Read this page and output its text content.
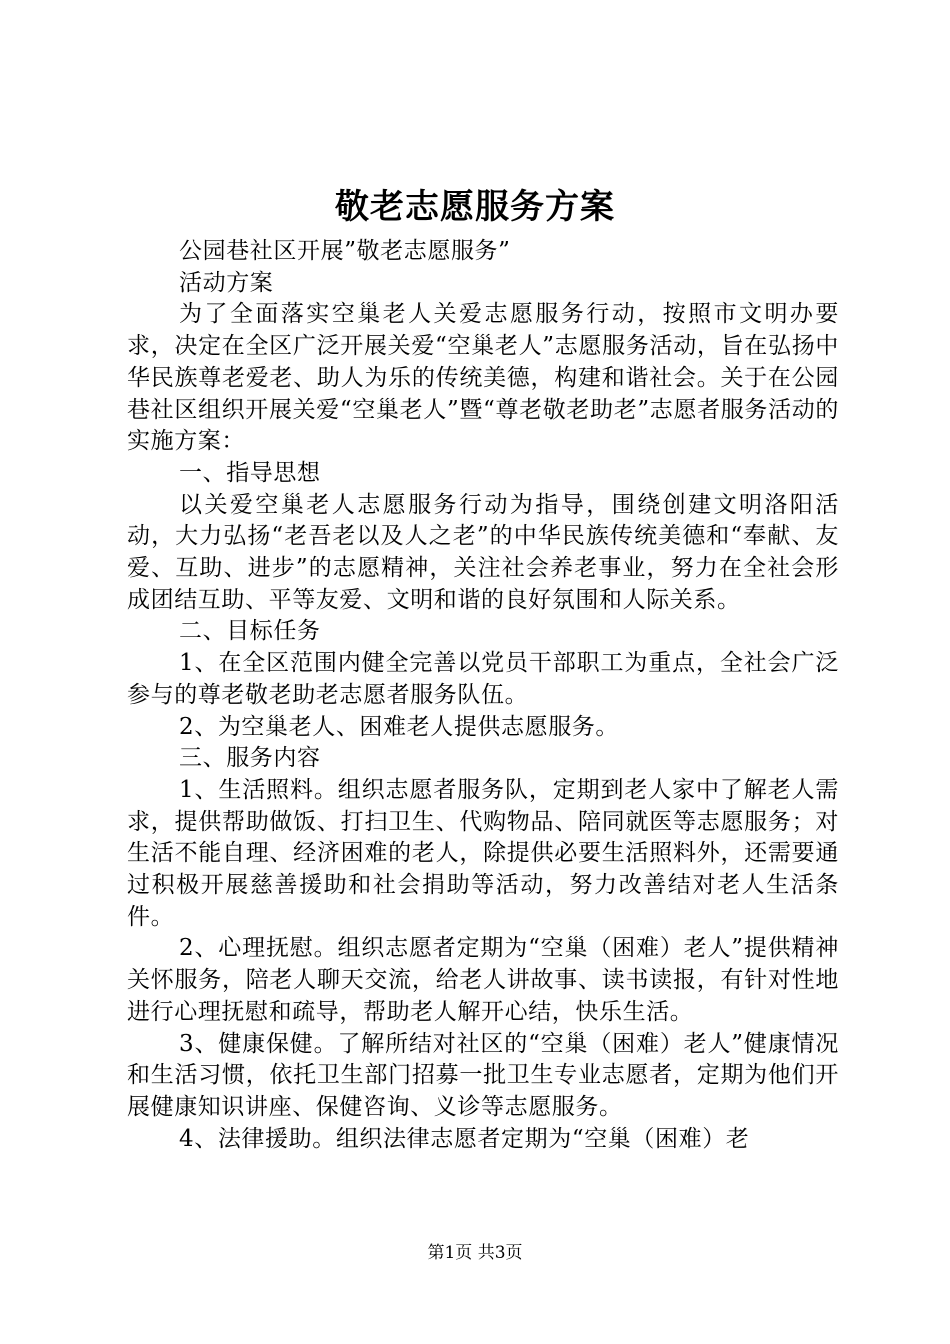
敬老志愿服务方案

公园巷社区开展”敬老志愿服务”

活动方案

为了全面落实空巢老人关爱志愿服务行动，按照市文明办要求，决定在全区广泛开展关爱“空巢老人”志愿服务活动，旨在弘扬中华民族尊老爱老、助人为乐的传统美德，构建和谐社会。关于在公园巷社区组织开展关爱“空巢老人”暨“尊老敬老助老”志愿者服务活动的实施方案：

一、指导思想

以关爱空巢老人志愿服务行动为指导，围绕创建文明洛阳活动，大力弘扬“老吾老以及人之老”的中华民族传统美德和“奉献、友爱、互助、进步”的志愿精神，关注社会养老事业，努力在全社会形成团结互助、平等友爱、文明和谐的良好氛围和人际关系。

二、目标任务

1、在全区范围内健全完善以党员干部职工为重点，全社会广泛参与的尊老敬老助老志愿者服务队伍。

2、为空巢老人、困难老人提供志愿服务。

三、服务内容

1、生活照料。组织志愿者服务队，定期到老人家中了解老人需求，提供帮助做饭、打扫卫生、代购物品、陪同就医等志愿服务；对生活不能自理、经济困难的老人，除提供必要生活照料外，还需要通过积极开展慈善援助和社会捐助等活动，努力改善结对老人生活条件。

2、心理抚慰。组织志愿者定期为“空巢（困难）老人”提供精神关怀服务，陪老人聊天交流，给老人讲故事、读书读报，有针对性地进行心理抚慰和疏导，帮助老人解开心结，快乐生活。

3、健康保健。了解所结对社区的“空巢（困难）老人”健康情况和生活习惯，依托卫生部门招募一批卫生专业志愿者，定期为他们开展健康知识讲座、保健咨询、义诊等志愿服务。

4、法律援助。组织法律志愿者定期为“空巢（困难）老

第1页 共3页
